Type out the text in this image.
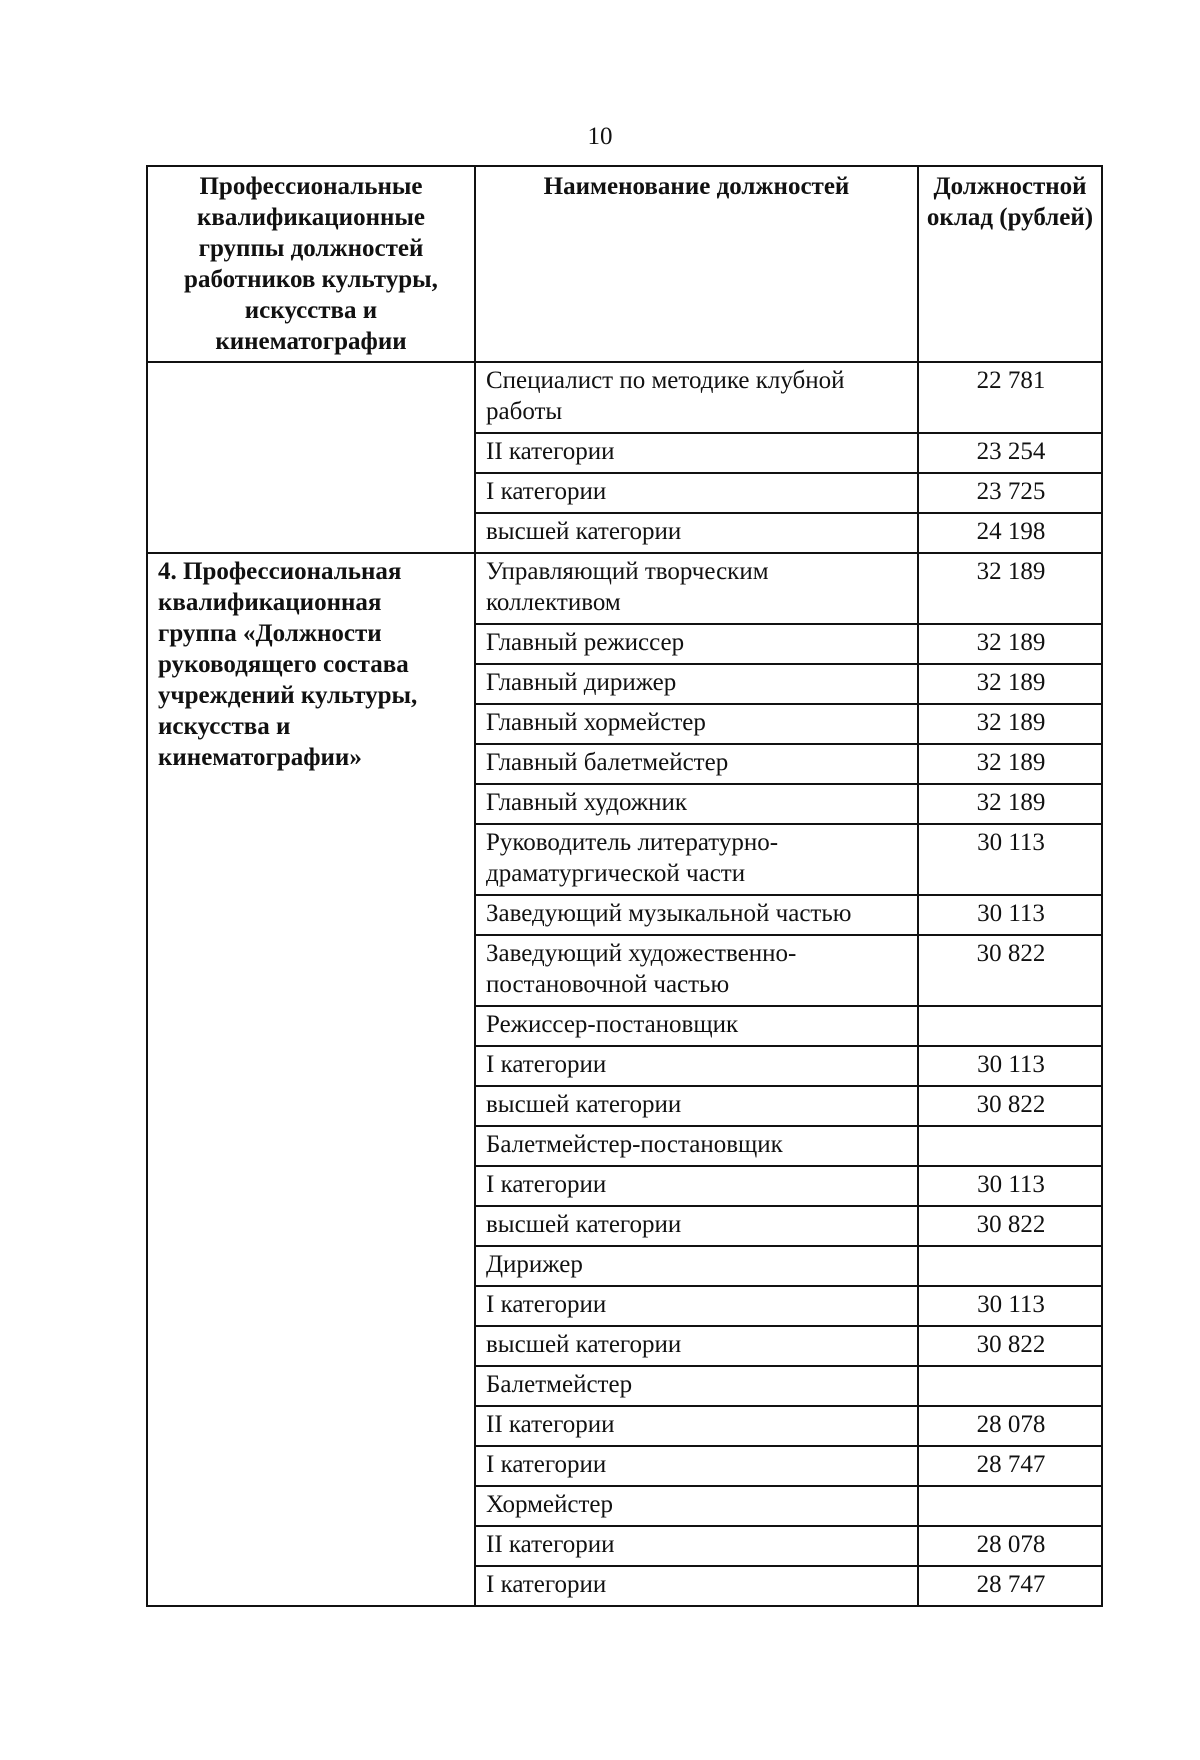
10
Профессиональные квалификационные группы должностей работников культуры, искусства и кинематографии	Наименование должностей	Должностной оклад (рублей)
	Специалист по методике клубной работы	22 781
	II категории	23 254
	I категории	23 725
	высшей категории	24 198
4. Профессиональная квалификационная группа «Должности руководящего состава учреждений культуры, искусства и кинематографии»	Управляющий творческим коллективом	32 189
	Главный режиссер	32 189
	Главный дирижер	32 189
	Главный хормейстер	32 189
	Главный балетмейстер	32 189
	Главный художник	32 189
	Руководитель литературно-драматургической части	30 113
	Заведующий музыкальной частью	30 113
	Заведующий художественно-постановочной частью	30 822
	Режиссер-постановщик	
	I категории	30 113
	высшей категории	30 822
	Балетмейстер-постановщик	
	I категории	30 113
	высшей категории	30 822
	Дирижер	
	I категории	30 113
	высшей категории	30 822
	Балетмейстер	
	II категории	28 078
	I категории	28 747
	Хормейстер	
	II категории	28 078
	I категории	28 747
